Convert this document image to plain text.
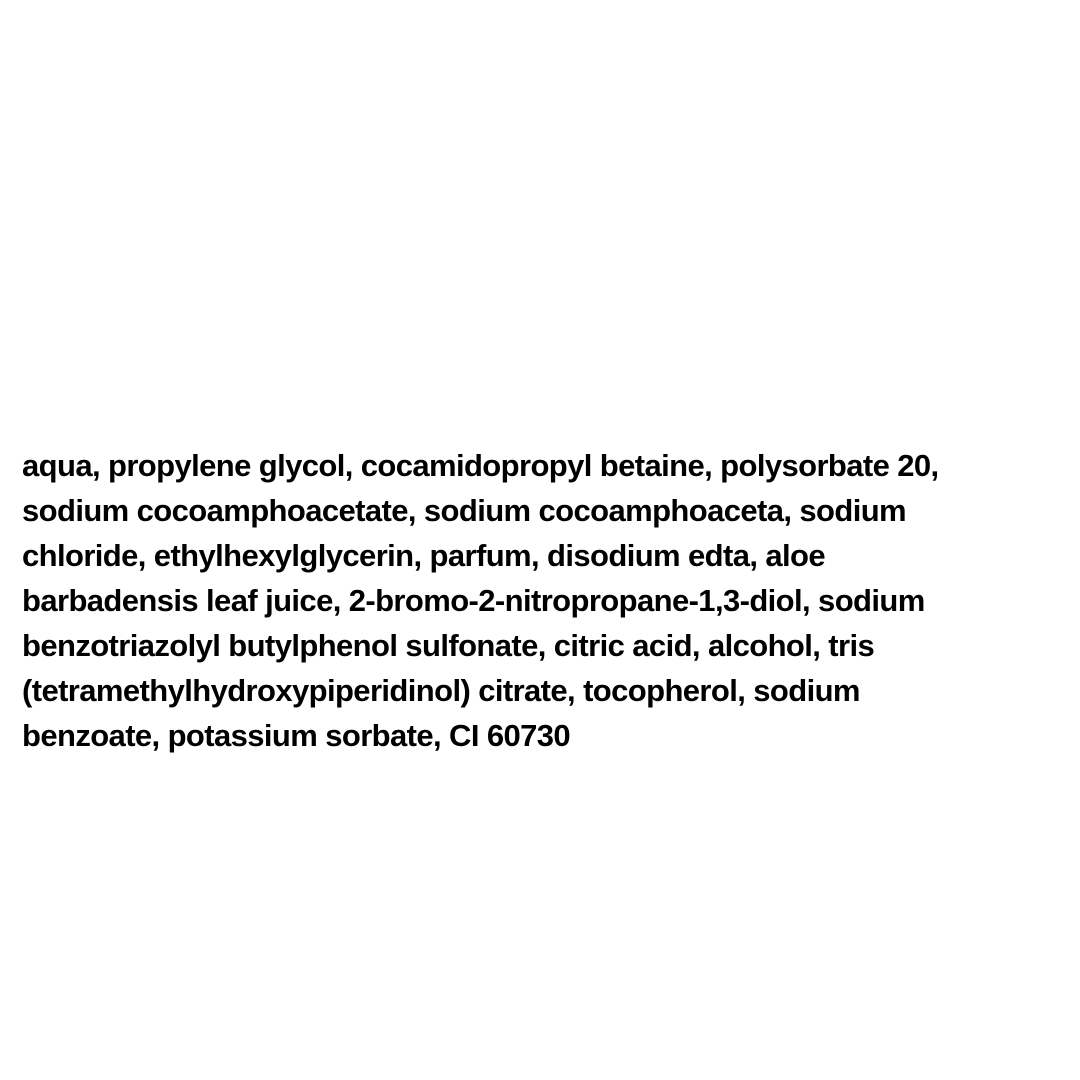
aqua, propylene glycol, cocamidopropyl betaine, polysorbate 20,
sodium cocoamphoacetate, sodium cocoamphoaceta, sodium
chloride, ethylhexylglycerin, parfum, disodium edta, aloe
barbadensis leaf juice, 2-bromo-2-nitropropane-1,3-diol, sodium
benzotriazolyl butylphenol sulfonate, citric acid, alcohol, tris
(tetramethylhydroxypiperidinol) citrate, tocopherol, sodium
benzoate, potassium sorbate, CI 60730
